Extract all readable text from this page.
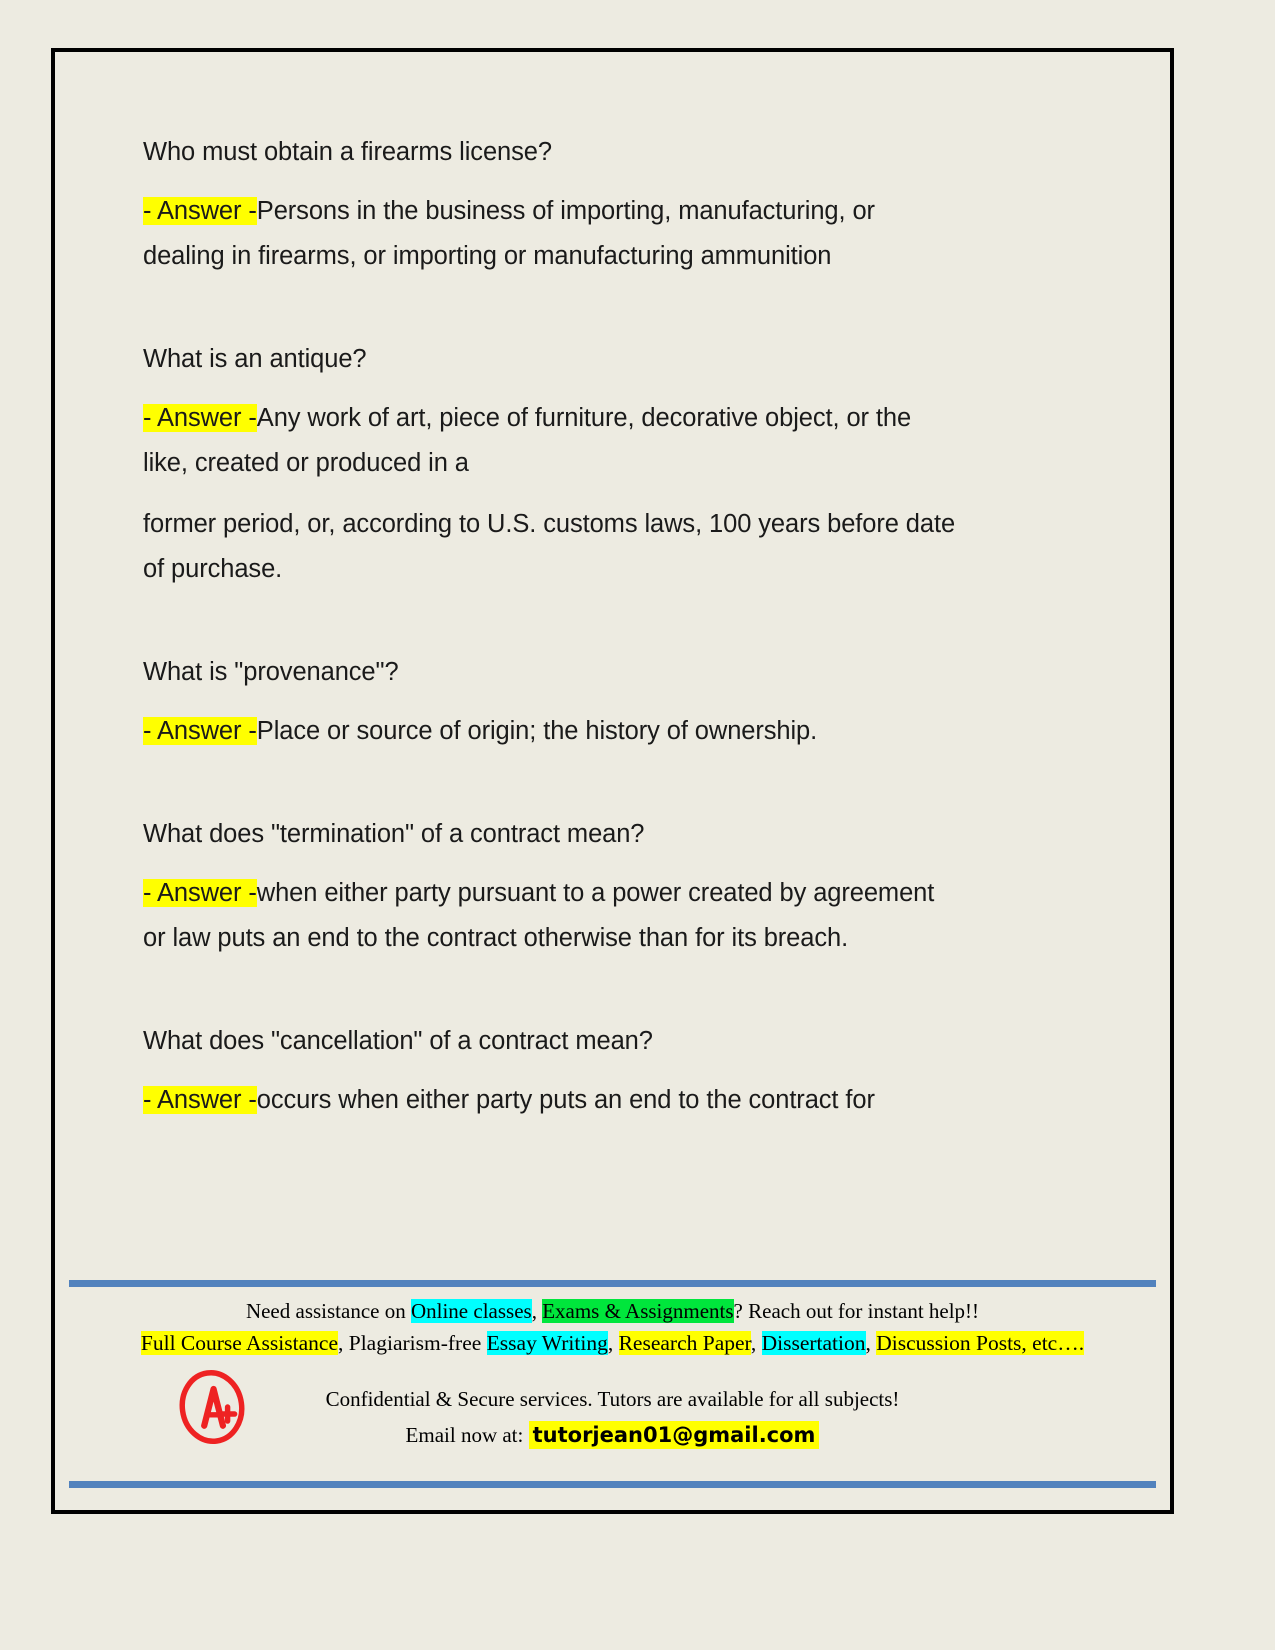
Who must obtain a firearms license?

- Answer -Persons in the business of importing, manufacturing, or

dealing in firearms, or importing or manufacturing ammunition

What is an antique?

- Answer -Any work of art, piece of furniture, decorative object, or the

like, created or produced in a

former period, or, according to U.S. customs laws, 100 years before date

of purchase.

What is "provenance"?

- Answer -Place or source of origin; the history of ownership.

What does "termination" of a contract mean?

- Answer -when either party pursuant to a power created by agreement

or law puts an end to the contract otherwise than for its breach.

What does "cancellation" of a contract mean?

- Answer -occurs when either party puts an end to the contract for

Need assistance on Online classes, Exams & Assignments? Reach out for instant help!!
Full Course Assistance, Plagiarism-free Essay Writing, Research Paper, Dissertation, Discussion Posts, etc….
Confidential & Secure services. Tutors are available for all subjects!
Email now at: tutorjean01@gmail.com
